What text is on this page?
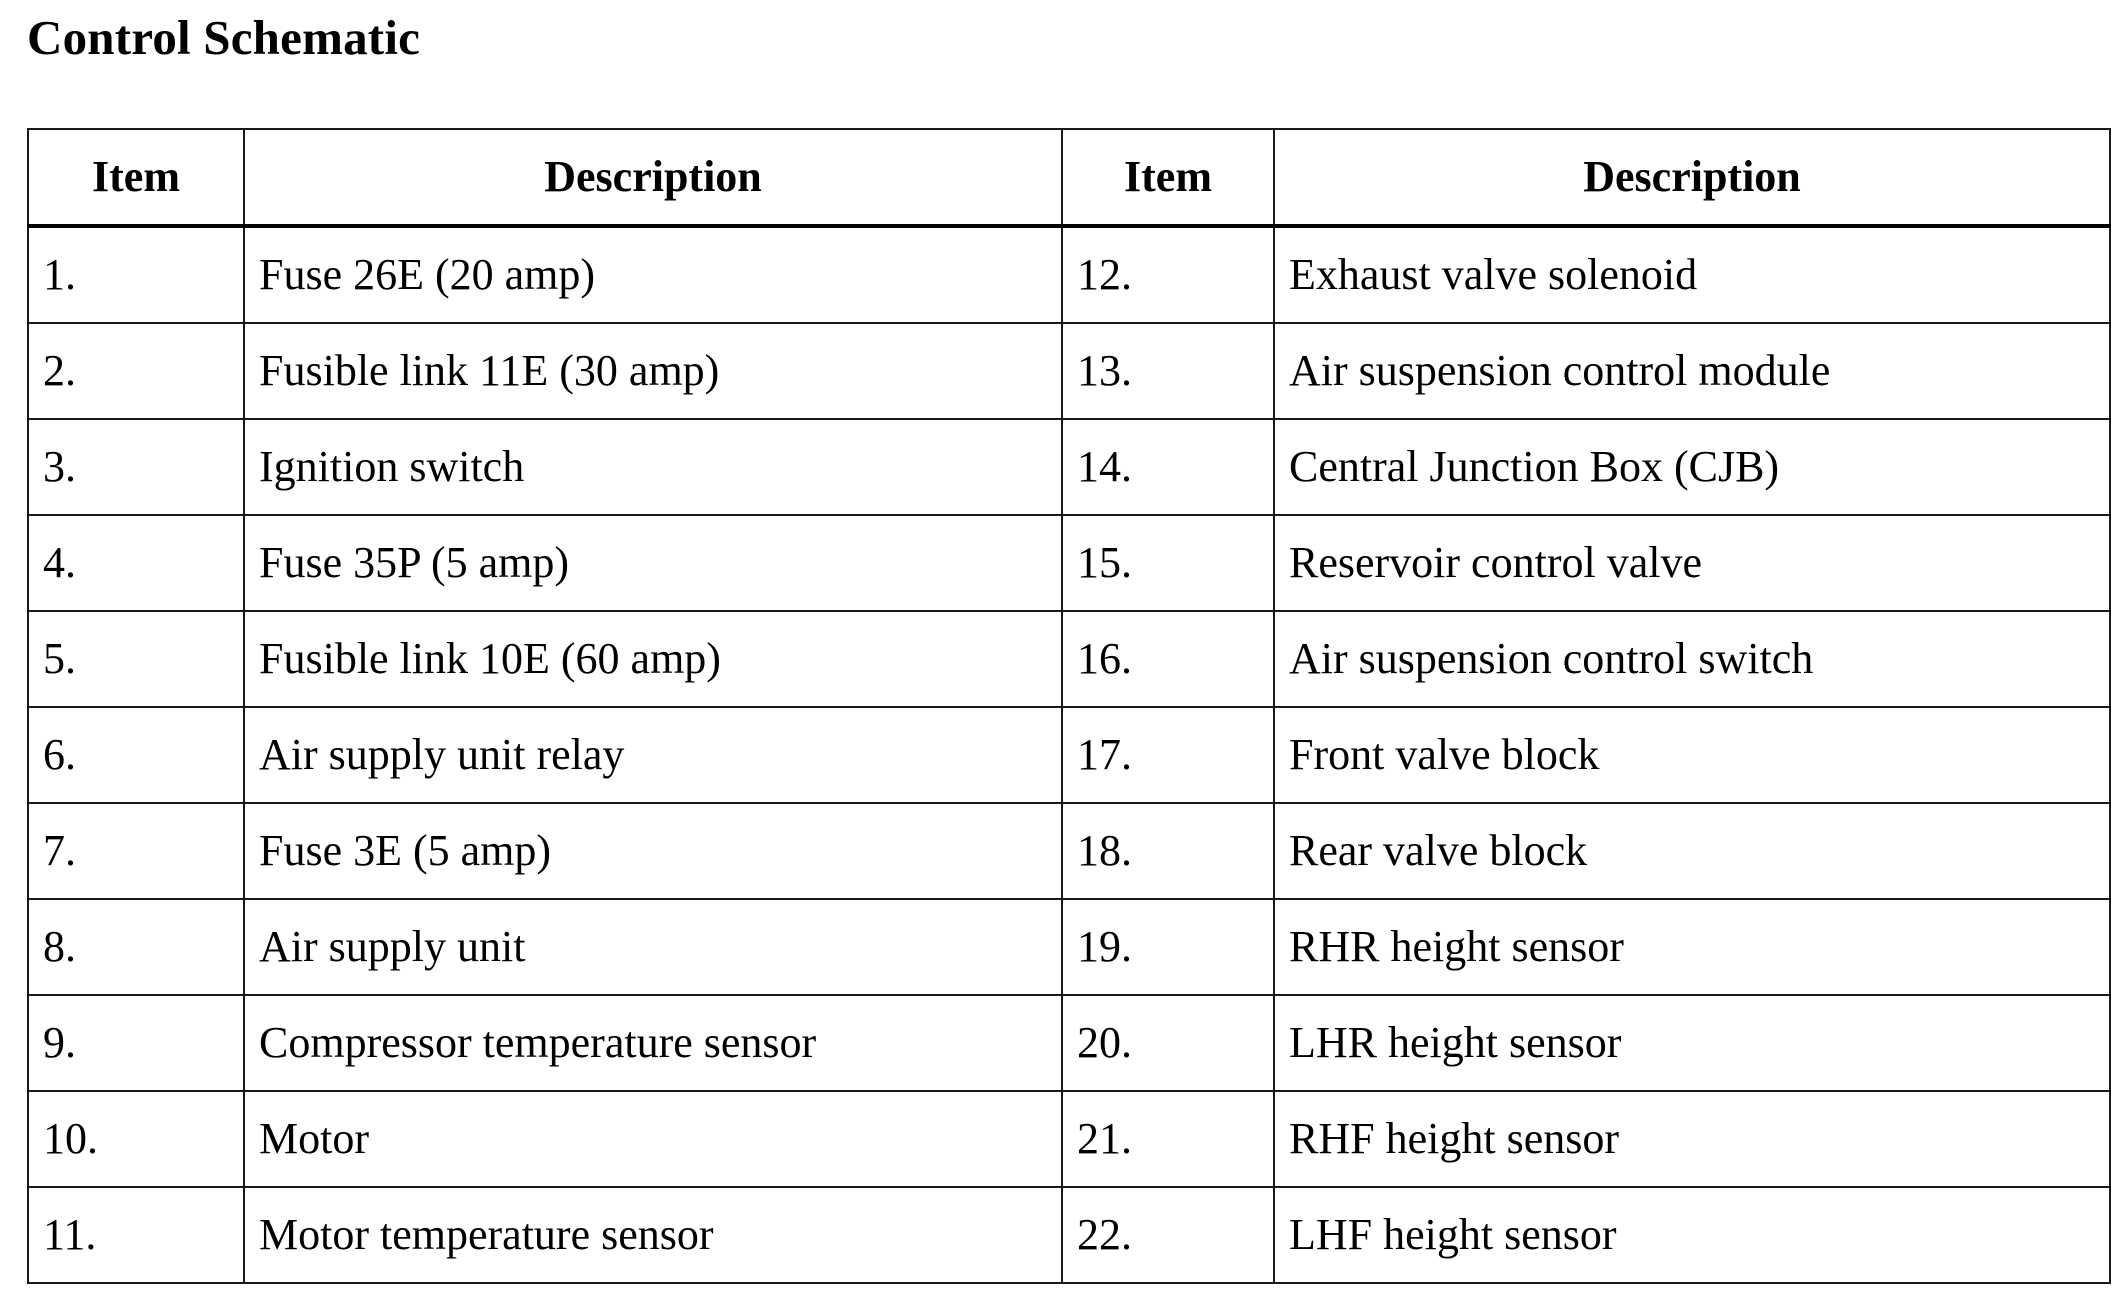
Control Schematic
Item	Description	Item	Description
1.	Fuse 26E (20 amp)	12.	Exhaust valve solenoid
2.	Fusible link 11E (30 amp)	13.	Air suspension control module
3.	Ignition switch	14.	Central Junction Box (CJB)
4.	Fuse 35P (5 amp)	15.	Reservoir control valve
5.	Fusible link 10E (60 amp)	16.	Air suspension control switch
6.	Air supply unit relay	17.	Front valve block
7.	Fuse 3E (5 amp)	18.	Rear valve block
8.	Air supply unit	19.	RHR height sensor
9.	Compressor temperature sensor	20.	LHR height sensor
10.	Motor	21.	RHF height sensor
11.	Motor temperature sensor	22.	LHF height sensor
